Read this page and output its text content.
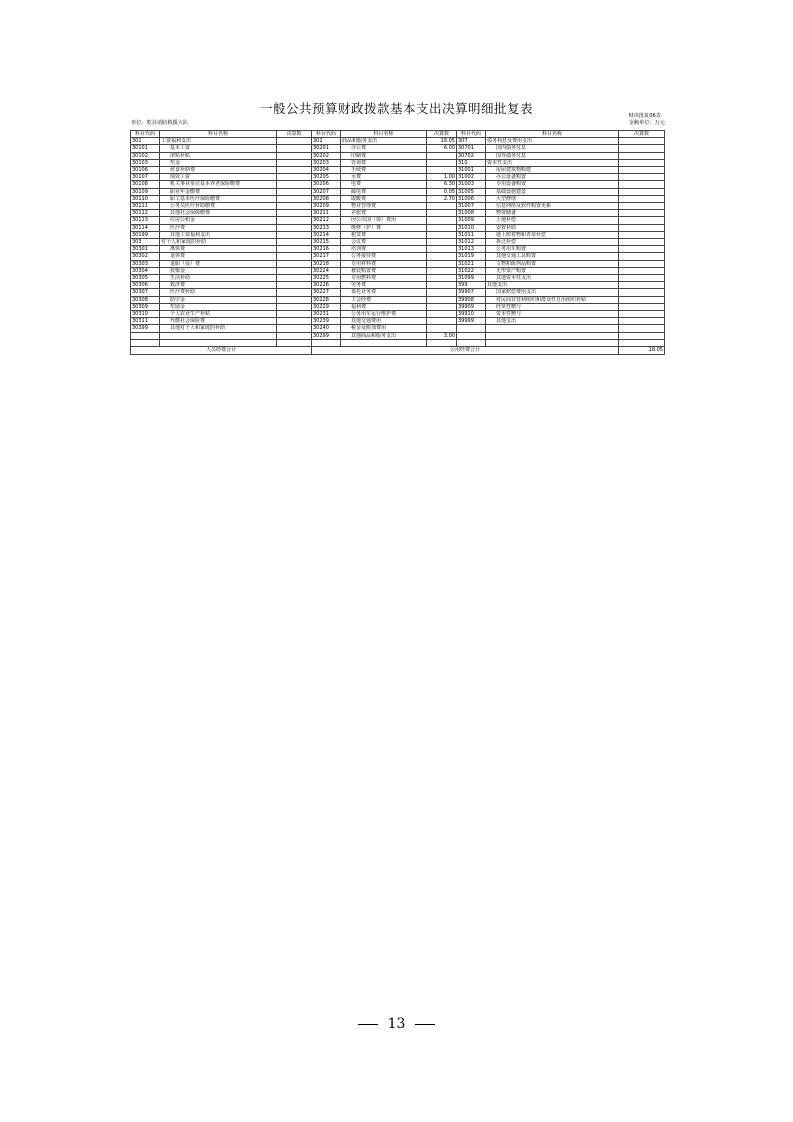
一般公共预算财政拨款基本支出决算明细批复表	财决批复06表
单位：乾县消防救援大队	金额单位：万元
科目代码	科目名称	决算数	科目代码	科目名称	决算数	科目代码	科目名称	决算数
301	工资福利支出		302	商品和服务支出	18.05	307	债务利息及费用支出	
30101	基本工资		30201	办公费	6.00	30701	国内债务付息	
30102	津贴补贴		30202	印刷费		30702	国外债务付息	
30103	奖金		30203	咨询费		310	资本性支出	
30106	伙食补助费		30204	手续费		31001	房屋建筑物购建	
30107	绩效工资		30205	水费	1.00	31002	办公设备购置	
30108	机关事业单位基本养老保险缴费		30206	电费	6.30	31003	专用设备购置	
30109	职业年金缴费		30207	邮电费	0.05	31005	基础设施建设	
30110	职工基本医疗保险缴费		30208	取暖费	2.70	31006	大型修缮	
30111	公务员医疗补助缴费		30209	物业管理费		31007	信息网络及软件购置更新	
30112	其他社会保障缴费		30211	差旅费		31008	物资储备	
30113	住房公积金		30212	因公出国（境）费用		31009	土地补偿	
30114	医疗费		30213	维修（护）费		31010	安置补助	
30199	其他工资福利支出		30214	租赁费		31011	地上附着物和青苗补偿	
303	对个人和家庭的补助		30215	会议费		31012	拆迁补偿	
30301	离休费		30216	培训费		31013	公务用车购置	
30302	退休费		30217	公务接待费		31019	其他交通工具购置	
30303	退职（役）费		30218	专用材料费		31021	文物和陈列品购置	
30304	抚恤金		30224	被装购置费		31022	无形资产购置	
30305	生活补助		30225	专用燃料费		31099	其他资本性支出	
30306	救济费		30226	劳务费		399	其他支出	
30307	医疗费补助		30227	委托业务费		39907	国家赔偿费用支出	
30308	助学金		30228	工会经费		39908	对民间非营利组织和群众性自治组织补贴	
30309	奖励金		30229	福利费		39909	经常性赠与	
30310	个人农业生产补贴		30231	公务用车运行维护费		39910	资本性赠与	
30311	代缴社会保险费		30239	其他交通费用		39999	其他支出	
30399	其他对个人和家庭的补助		30240	税金及附加费用				
			30299	其他商品和服务支出	3.00			

人员经费合计			公用经费合计					18.05
13
